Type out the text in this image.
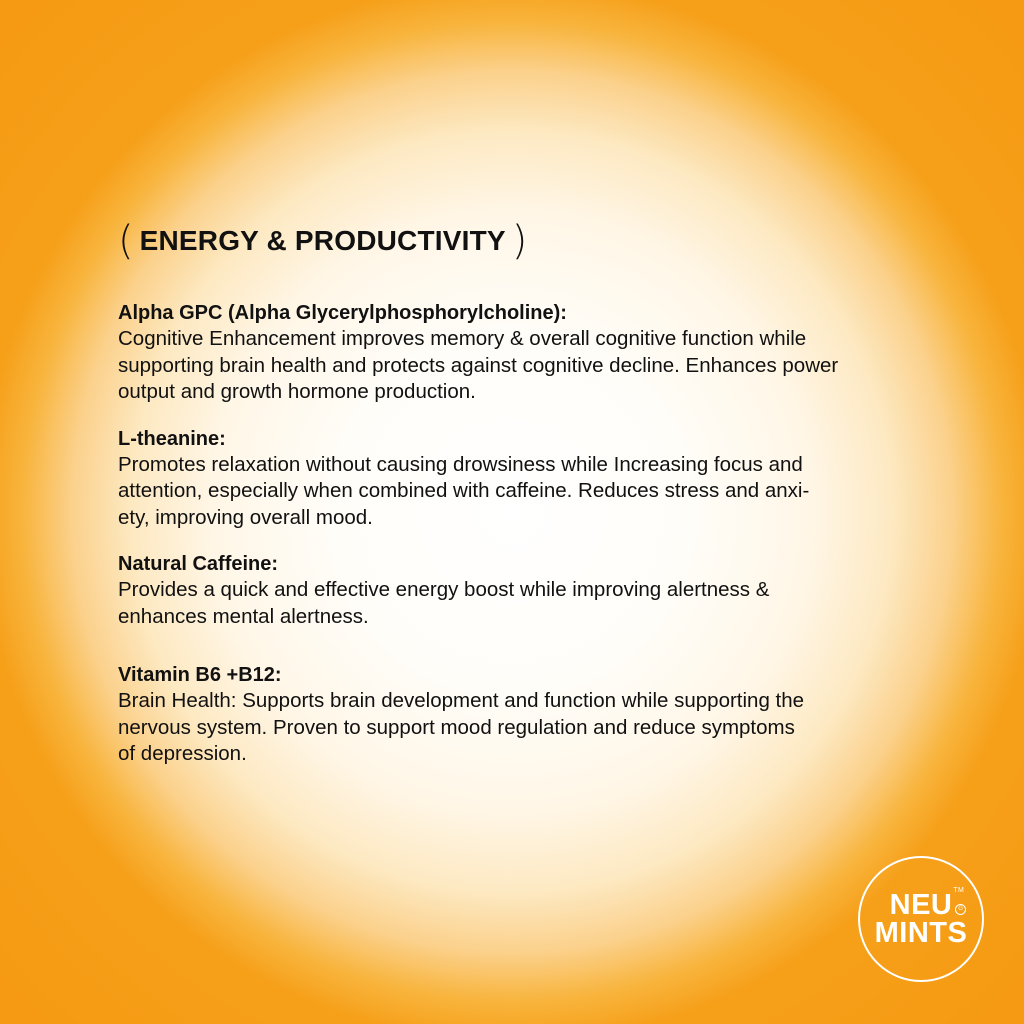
( ENERGY & PRODUCTIVITY )
Alpha GPC (Alpha Glycerylphosphorylcholine):
Cognitive Enhancement improves memory & overall cognitive function while
supporting brain health and protects against cognitive decline. Enhances power
output and growth hormone production.
L-theanine:
Promotes relaxation without causing drowsiness while Increasing focus and
attention, especially when combined with caffeine. Reduces stress and anxi-
ety, improving overall mood.
Natural Caffeine:
Provides a quick and effective energy boost while improving alertness &
enhances mental alertness.
Vitamin B6 +B12:
Brain Health: Supports brain development and function while supporting the
nervous system. Proven to support mood regulation and reduce symptoms
of depression.
NEU TM
G
MINTS
